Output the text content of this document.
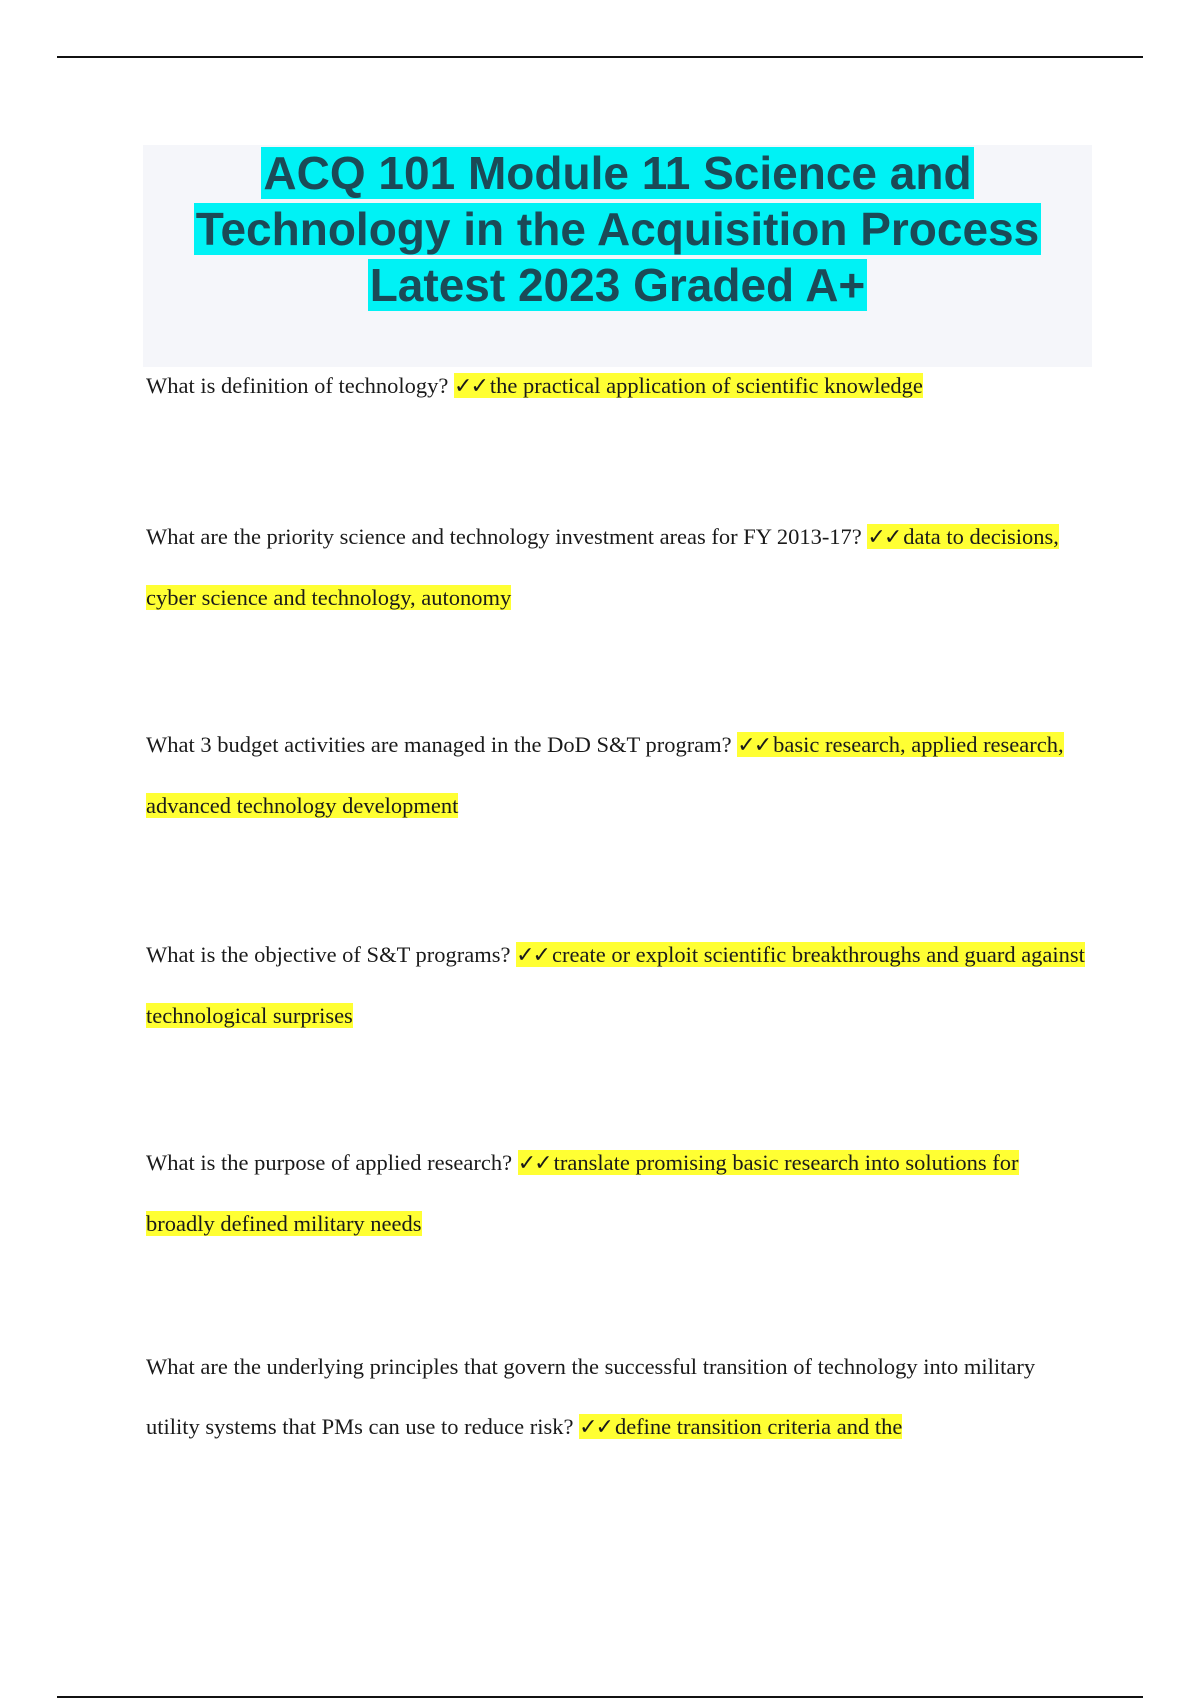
ACQ 101 Module 11 Science and Technology in the Acquisition Process Latest 2023 Graded A+

What is definition of technology? ✓✓ the practical application of scientific knowledge

What are the priority science and technology investment areas for FY 2013-17? ✓✓ data to decisions, cyber science and technology, autonomy

What 3 budget activities are managed in the DoD S&T program? ✓✓ basic research, applied research, advanced technology development

What is the objective of S&T programs? ✓✓ create or exploit scientific breakthroughs and guard against technological surprises

What is the purpose of applied research? ✓✓ translate promising basic research into solutions for broadly defined military needs

What are the underlying principles that govern the successful transition of technology into military utility systems that PMs can use to reduce risk? ✓✓ define transition criteria and the
